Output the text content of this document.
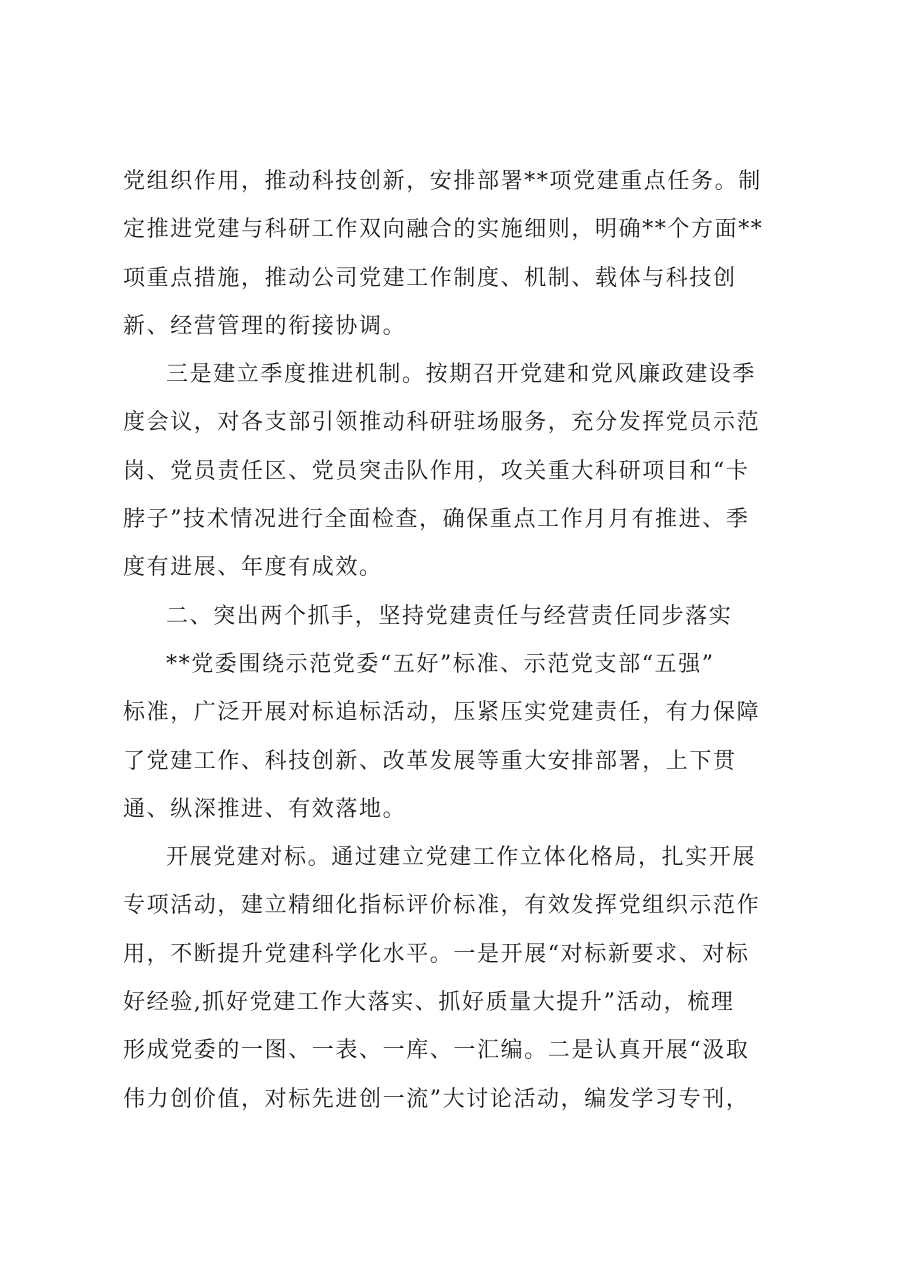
党组织作用，推动科技创新，安排部署**项党建重点任务。制
定推进党建与科研工作双向融合的实施细则，明确**个方面**
项重点措施，推动公司党建工作制度、机制、载体与科技创
新、经营管理的衔接协调。
三是建立季度推进机制。按期召开党建和党风廉政建设季
度会议，对各支部引领推动科研驻场服务，充分发挥党员示范
岗、党员责任区、党员突击队作用，攻关重大科研项目和“卡
脖子”技术情况进行全面检查，确保重点工作月月有推进、季
度有进展、年度有成效。
二、突出两个抓手，坚持党建责任与经营责任同步落实
**党委围绕示范党委“五好”标准、示范党支部“五强”
标准，广泛开展对标追标活动，压紧压实党建责任，有力保障
了党建工作、科技创新、改革发展等重大安排部署，上下贯
通、纵深推进、有效落地。
开展党建对标。通过建立党建工作立体化格局，扎实开展
专项活动，建立精细化指标评价标准，有效发挥党组织示范作
用，不断提升党建科学化水平。一是开展“对标新要求、对标
好经验,抓好党建工作大落实、抓好质量大提升”活动，梳理
形成党委的一图、一表、一库、一汇编。二是认真开展“汲取
伟力创价值，对标先进创一流”大讨论活动，编发学习专刊，
